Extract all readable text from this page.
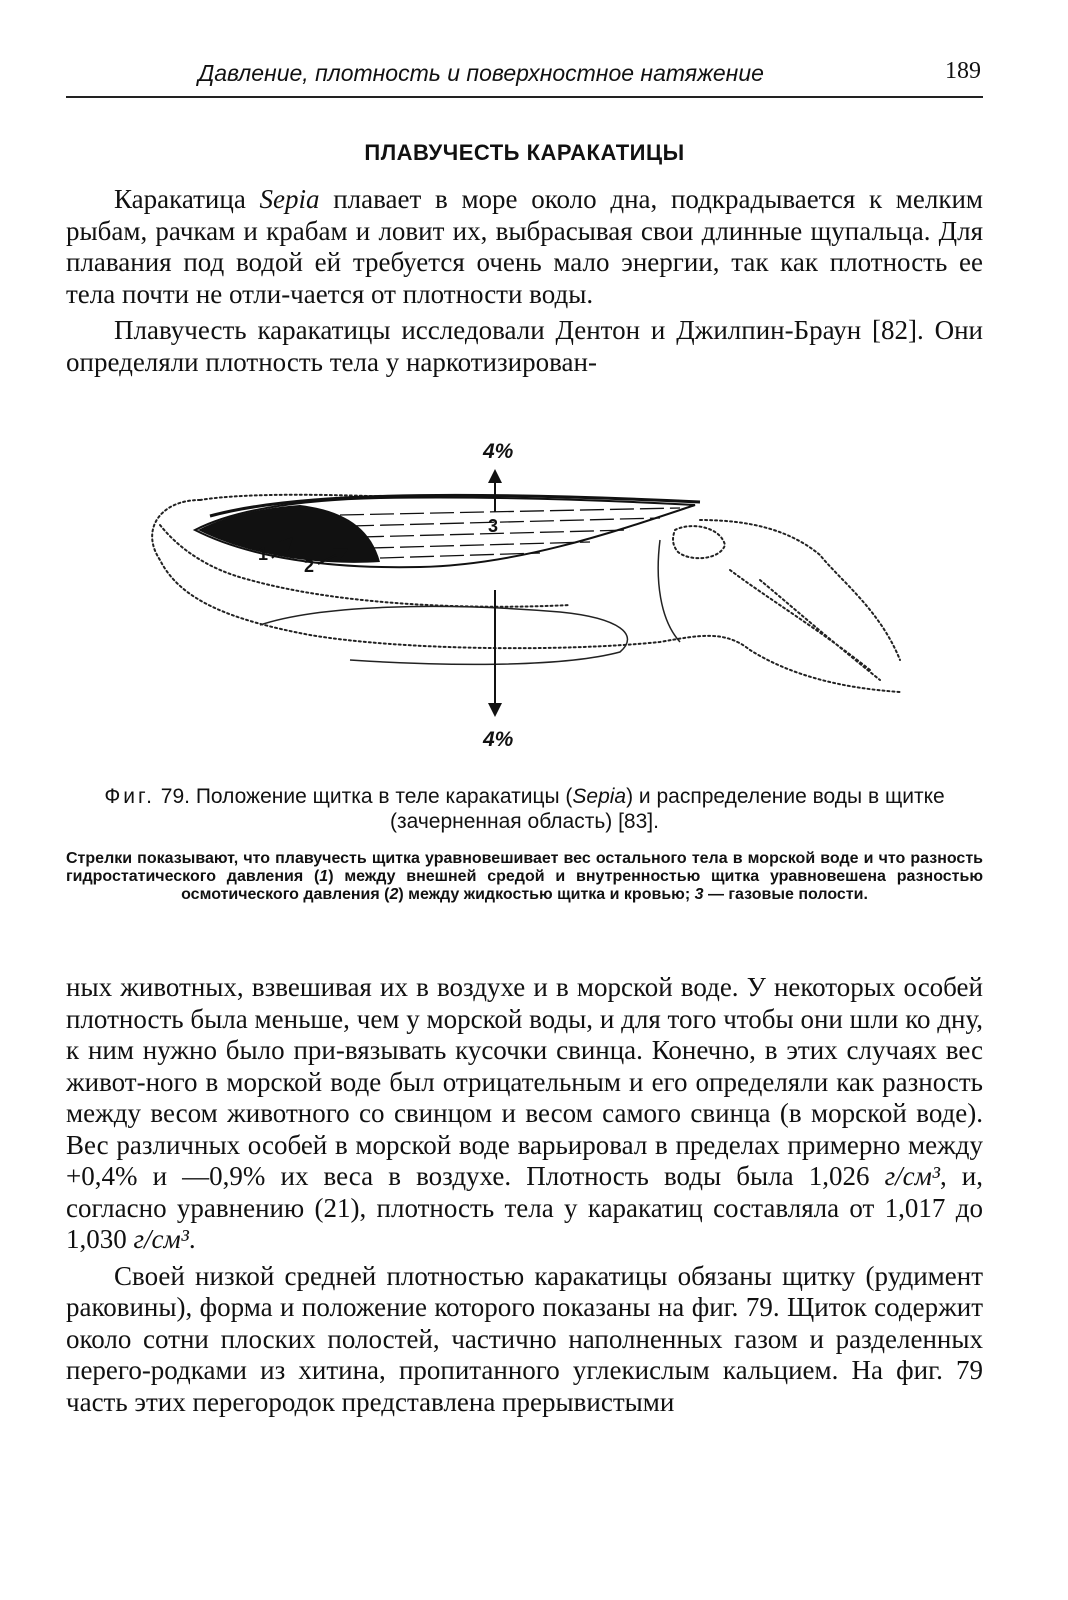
Давление, плотность и поверхностное натяжение	189
ПЛАВУЧЕСТЬ КАРАКАТИЦЫ

Каракатица Sepia плавает в море около дна, подкрадывается к мелким рыбам, рачкам и крабам и ловит их, выбрасывая свои длинные щупальца. Для плавания под водой ей требуется очень мало энергии, так как плотность ее тела почти не отли-чается от плотности воды.

Плавучесть каракатицы исследовали Дентон и Джилпин-Браун [82]. Они определяли плотность тела у наркотизирован-

4%
4%
1
2
3
Фиг. 79. Положение щитка в теле каракатицы (Sepia) и распределение воды в щитке (зачерненная область) [83].
Стрелки показывают, что плавучесть щитка уравновешивает вес остального тела в морской воде и что разность гидростатического давления (1) между внешней средой и внутренностью щитка уравновешена разностью осмотического давления (2) между жидкостью щитка и кровью; 3 — газовые полости.

ных животных, взвешивая их в воздухе и в морской воде. У некоторых особей плотность была меньше, чем у морской воды, и для того чтобы они шли ко дну, к ним нужно было при-вязывать кусочки свинца. Конечно, в этих случаях вес живот-ного в морской воде был отрицательным и его определяли как разность между весом животного со свинцом и весом самого свинца (в морской воде). Вес различных особей в морской воде варьировал в пределах примерно между +0,4% и —0,9% их веса в воздухе. Плотность воды была 1,026 г/см³, и, согласно уравнению (21), плотность тела у каракатиц составляла от 1,017 до 1,030 г/см³.

Своей низкой средней плотностью каракатицы обязаны щитку (рудимент раковины), форма и положение которого показаны на фиг. 79. Щиток содержит около сотни плоских полостей, частично наполненных газом и разделенных перего-родками из хитина, пропитанного углекислым кальцием. На фиг. 79 часть этих перегородок представлена прерывистыми
